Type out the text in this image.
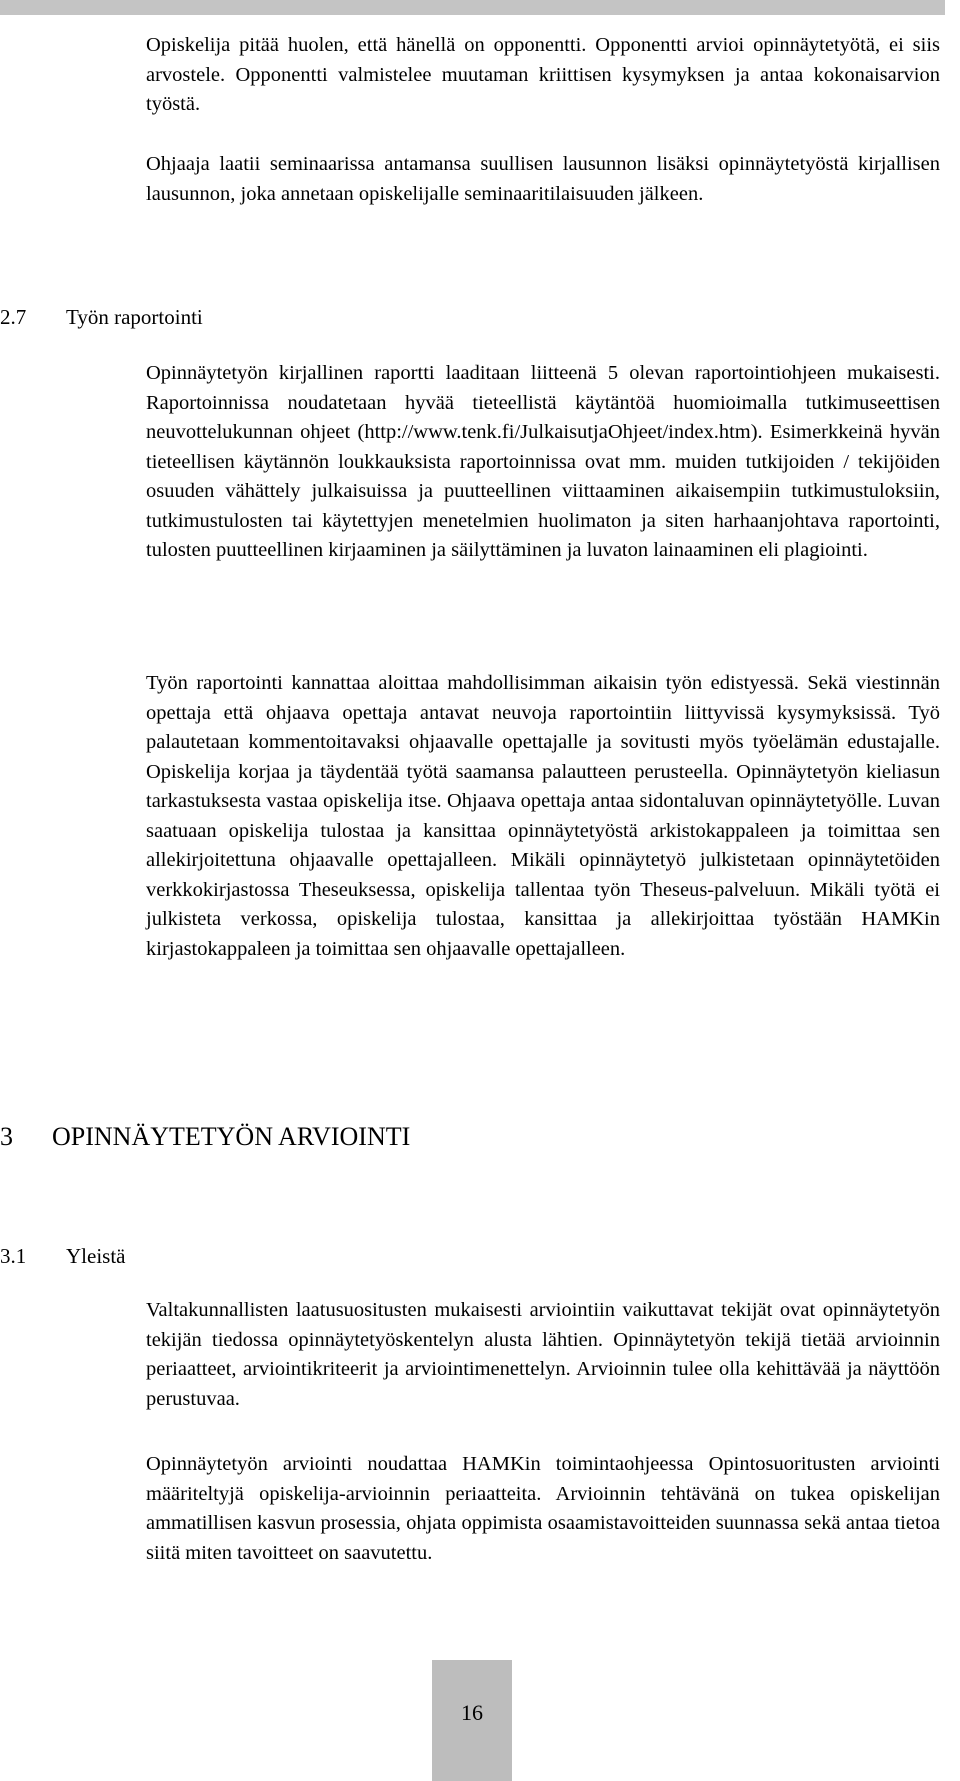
Opiskelija pitää huolen, että hänellä on opponentti. Opponentti arvioi opinnäytetyötä, ei siis arvostele. Opponentti valmistelee muutaman kriittisen kysymyksen ja antaa kokonaisarvion työstä.

Ohjaaja laatii seminaarissa antamansa suullisen lausunnon lisäksi opinnäytetyöstä kirjallisen lausunnon, joka annetaan opiskelijalle seminaaritilaisuuden jälkeen.

2.7 Työn raportointi

Opinnäytetyön kirjallinen raportti laaditaan liitteenä 5 olevan raportointiohjeen mukaisesti. Raportoinnissa noudatetaan hyvää tieteellistä käytäntöä huomioimalla tutkimuseettisen neuvottelukunnan ohjeet (http://www.tenk.fi/JulkaisutjaOhjeet/index.htm). Esimerkkeinä hyvän tieteellisen käytännön loukkauksista raportoinnissa ovat mm. muiden tutkijoiden / tekijöiden osuuden vähättely julkaisuissa ja puutteellinen viittaaminen aikaisempiin tutkimustuloksiin, tutkimustulosten tai käytettyjen menetelmien huolimaton ja siten harhaanjohtava raportointi, tulosten puutteellinen kirjaaminen ja säilyttäminen ja luvaton lainaaminen eli plagiointi.

Työn raportointi kannattaa aloittaa mahdollisimman aikaisin työn edistyessä. Sekä viestinnän opettaja että ohjaava opettaja antavat neuvoja raportointiin liittyvissä kysymyksissä. Työ palautetaan kommentoitavaksi ohjaavalle opettajalle ja sovitusti myös työelämän edustajalle. Opiskelija korjaa ja täydentää työtä saamansa palautteen perusteella. Opinnäytetyön kieliasun tarkastuksesta vastaa opiskelija itse. Ohjaava opettaja antaa sidontaluvan opinnäytetyölle. Luvan saatuaan opiskelija tulostaa ja kansittaa opinnäytetyöstä arkistokappaleen ja toimittaa sen allekirjoitettuna ohjaavalle opettajalleen. Mikäli opinnäytetyö julkistetaan opinnäytetöiden verkkokirjastossa Theseuksessa, opiskelija tallentaa työn Theseus-palveluun. Mikäli työtä ei julkisteta verkossa, opiskelija tulostaa, kansittaa ja allekirjoittaa työstään HAMKin kirjastokappaleen ja toimittaa sen ohjaavalle opettajalleen.

3 OPINNÄYTETYÖN ARVIOINTI
3.1 Yleistä

Valtakunnallisten laatusuositusten mukaisesti arviointiin vaikuttavat tekijät ovat opinnäytetyön tekijän tiedossa opinnäytetyöskentelyn alusta lähtien. Opinnäytetyön tekijä tietää arvioinnin periaatteet, arviointikriteerit ja arviointimenettelyn. Arvioinnin tulee olla kehittävää ja näyttöön perustuvaa.

Opinnäytetyön arviointi noudattaa HAMKin toimintaohjeessa Opintosuoritusten arviointi määriteltyjä opiskelija-arvioinnin periaatteita. Arvioinnin tehtävänä on tukea opiskelijan ammatillisen kasvun prosessia, ohjata oppimista osaamistavoitteiden suunnassa sekä antaa tietoa siitä miten tavoitteet on saavutettu.

16
